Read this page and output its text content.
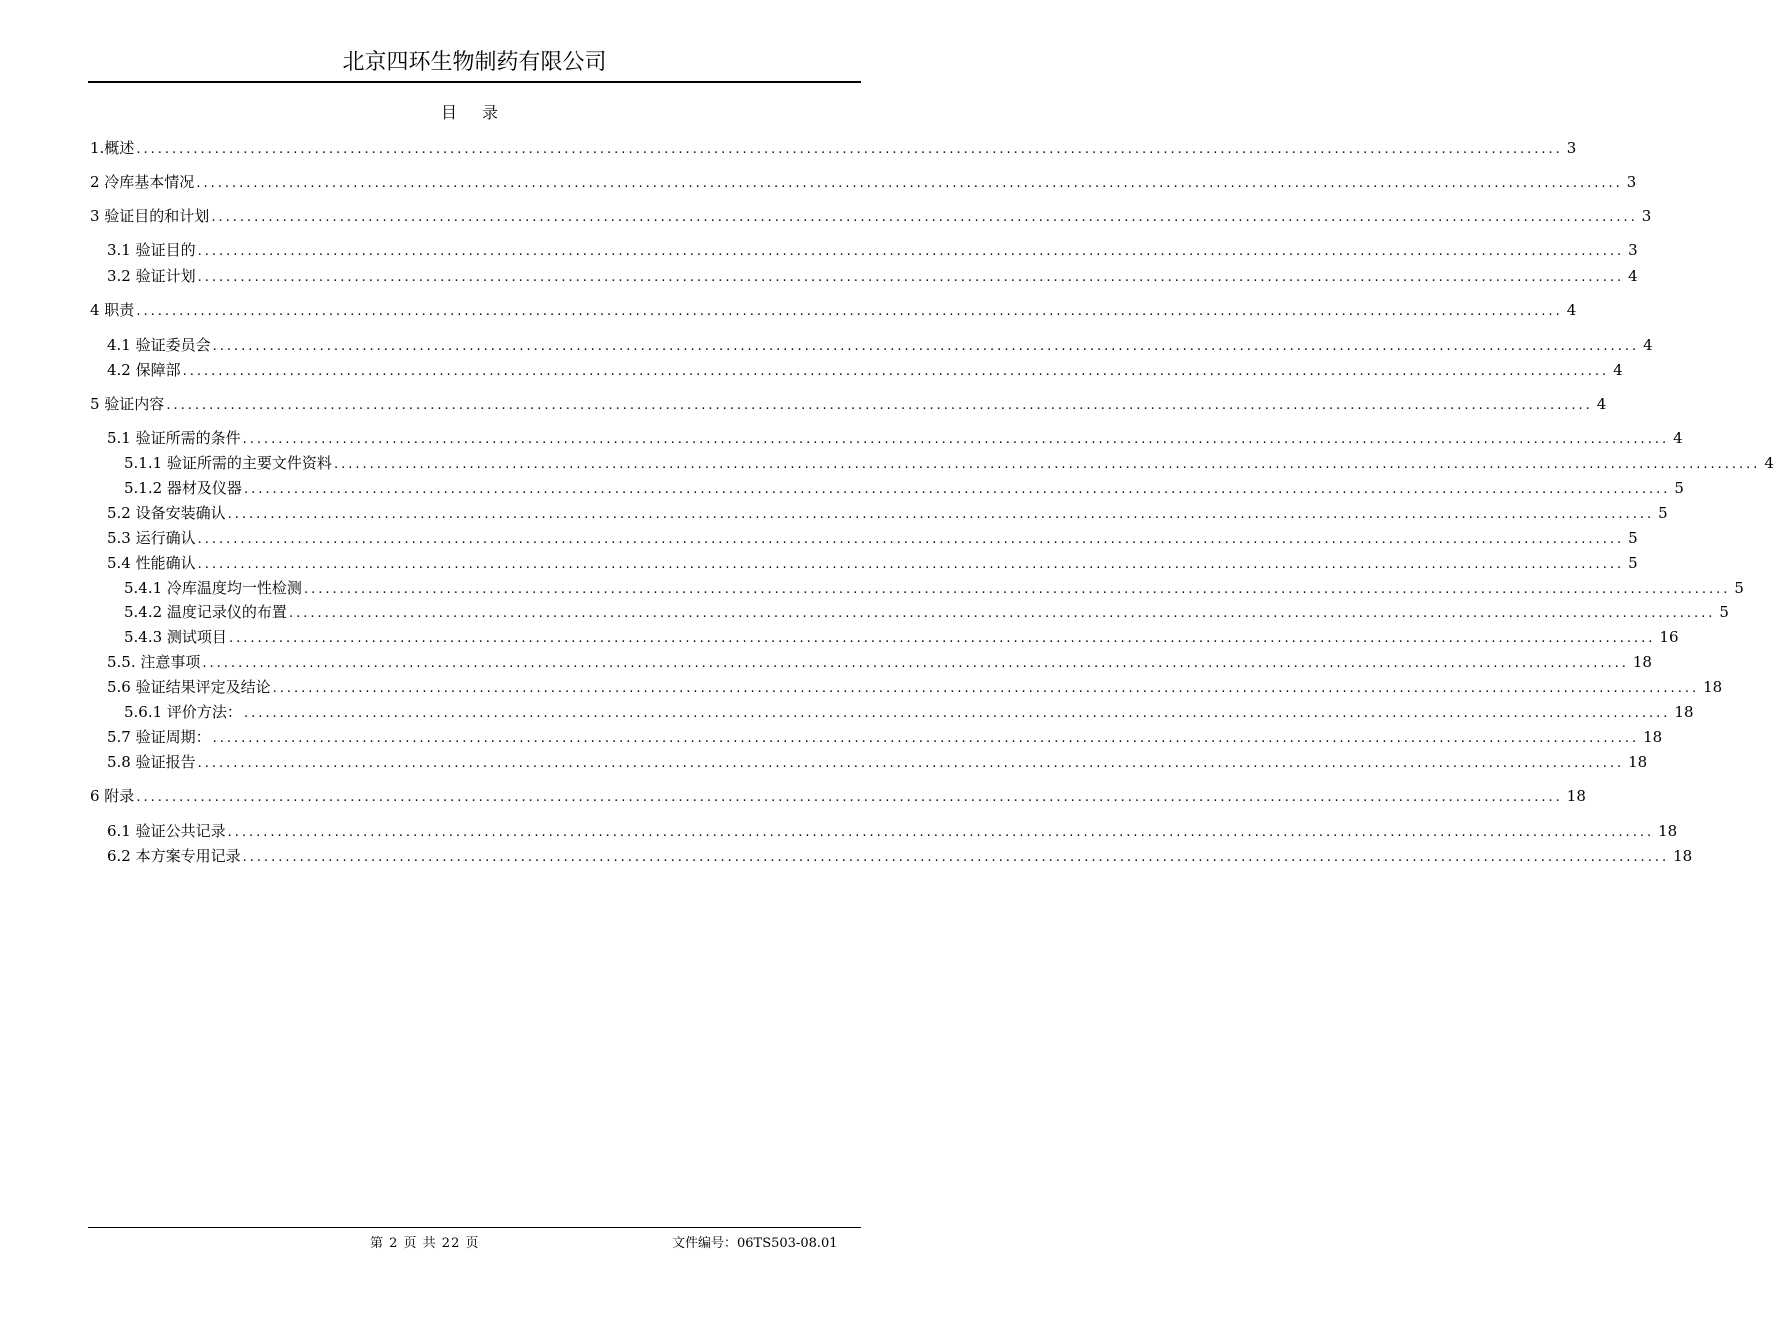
北京四环生物制药有限公司
目 录
1.概述 ........................................................................................................................................................................................................ 3
2 冷库基本情况 ........................................................................................................................................................................................................ 3
3 验证目的和计划 ........................................................................................................................................................................................................ 3
3.1 验证目的 ........................................................................................................................................................................................................ 3
3.2 验证计划 ........................................................................................................................................................................................................ 4
4 职责 ........................................................................................................................................................................................................ 4
4.1 验证委员会 ........................................................................................................................................................................................................ 4
4.2 保障部 ........................................................................................................................................................................................................ 4
5 验证内容 ........................................................................................................................................................................................................ 4
5.1 验证所需的条件 ........................................................................................................................................................................................................ 4
5.1.1 验证所需的主要文件资料 ........................................................................................................................................................................................................ 4
5.1.2 器材及仪器 ........................................................................................................................................................................................................ 5
5.2 设备安装确认 ........................................................................................................................................................................................................ 5
5.3 运行确认 ........................................................................................................................................................................................................ 5
5.4 性能确认 ........................................................................................................................................................................................................ 5
5.4.1 冷库温度均一性检测 ........................................................................................................................................................................................................ 5
5.4.2 温度记录仪的布置 ........................................................................................................................................................................................................ 5
5.4.3 测试项目 ........................................................................................................................................................................................................ 16
5.5. 注意事项 ........................................................................................................................................................................................................ 18
5.6 验证结果评定及结论 ........................................................................................................................................................................................................ 18
5.6.1 评价方法： ........................................................................................................................................................................................................ 18
5.7 验证周期： ........................................................................................................................................................................................................ 18
5.8 验证报告 ........................................................................................................................................................................................................ 18
6 附录 ........................................................................................................................................................................................................ 18
6.1 验证公共记录 ........................................................................................................................................................................................................ 18
6.2 本方案专用记录 ........................................................................................................................................................................................................ 18
第 2 页 共 22 页	文件编号：06TS503-08.01
